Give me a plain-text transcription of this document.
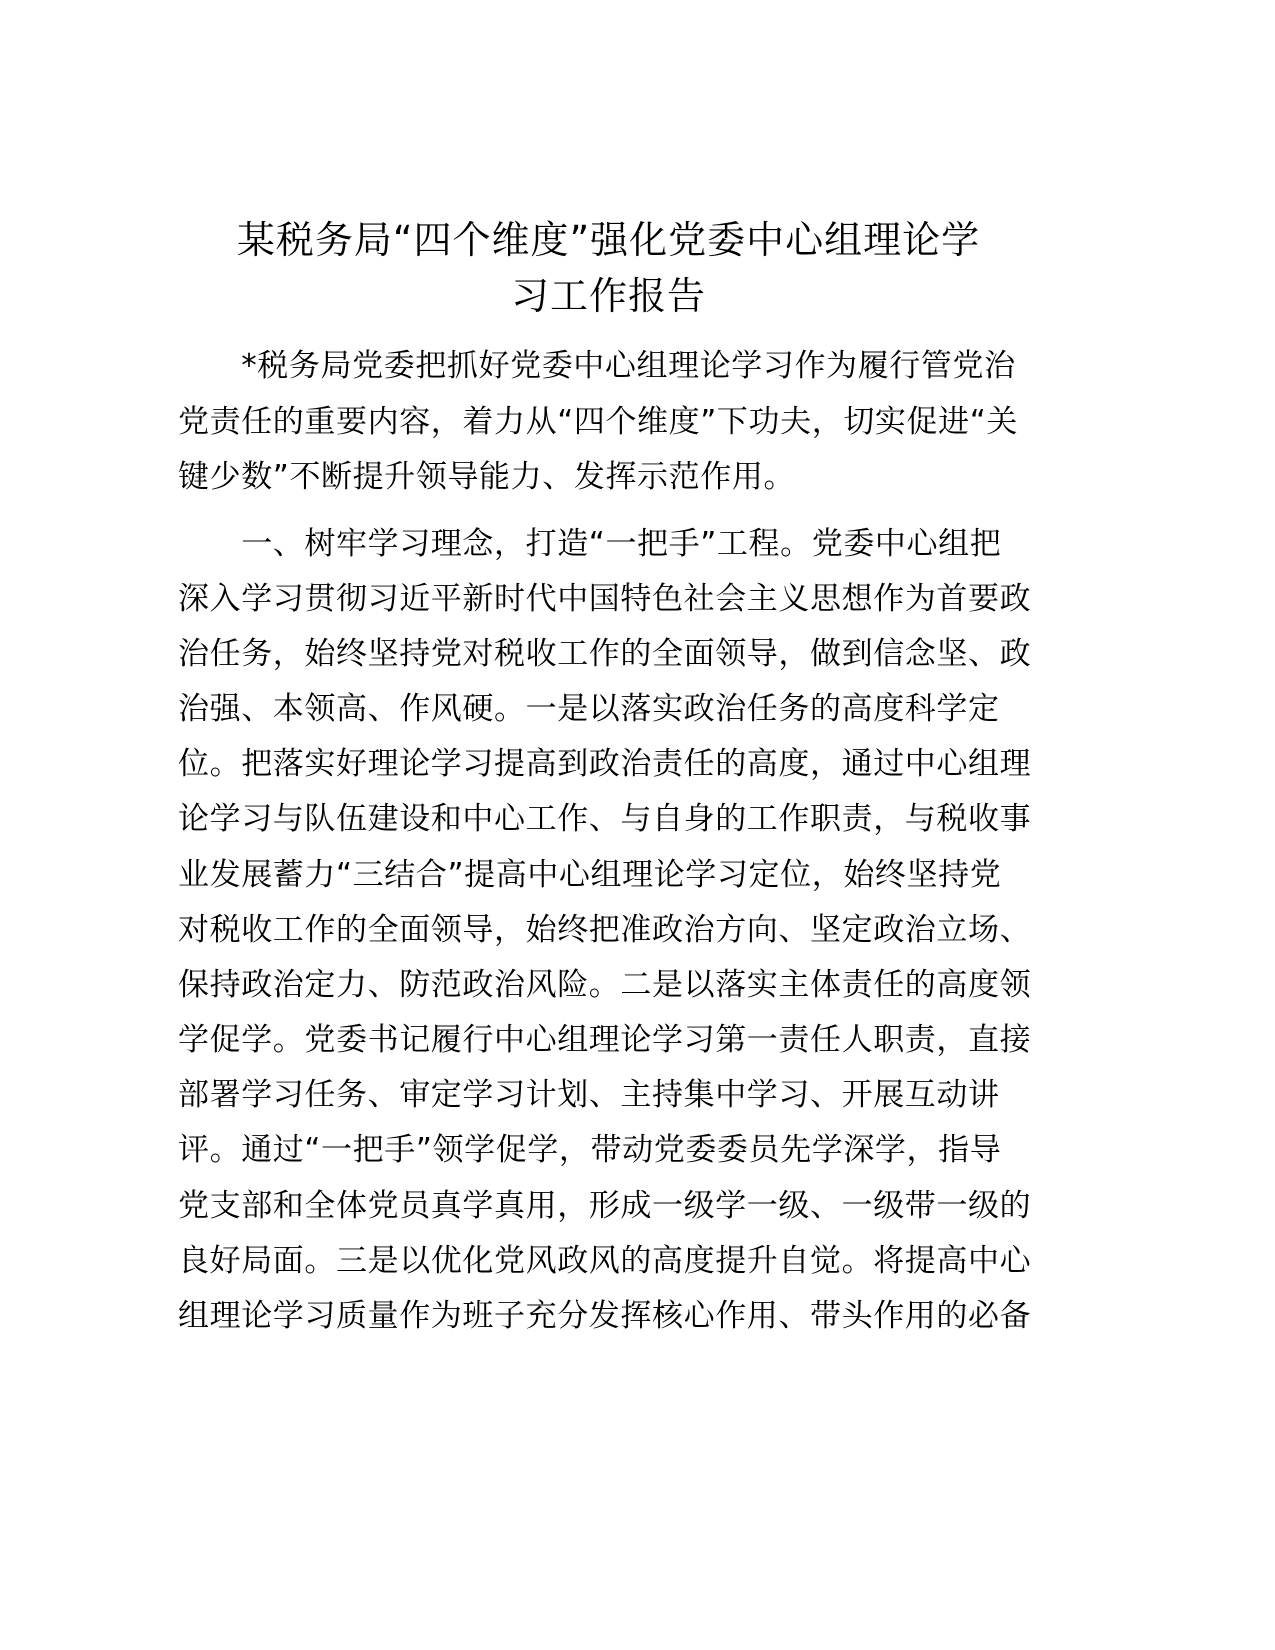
某税务局“四个维度”强化党委中心组理论学
习工作报告
　　*税务局党委把抓好党委中心组理论学习作为履行管党治
党责任的重要内容，着力从“四个维度”下功夫，切实促进“关
键少数”不断提升领导能力、发挥示范作用。
　　一、树牢学习理念，打造“一把手”工程。党委中心组把
深入学习贯彻习近平新时代中国特色社会主义思想作为首要政
治任务，始终坚持党对税收工作的全面领导，做到信念坚、政
治强、本领高、作风硬。一是以落实政治任务的高度科学定
位。把落实好理论学习提高到政治责任的高度，通过中心组理
论学习与队伍建设和中心工作、与自身的工作职责，与税收事
业发展蓄力“三结合”提高中心组理论学习定位，始终坚持党
对税收工作的全面领导，始终把准政治方向、坚定政治立场、
保持政治定力、防范政治风险。二是以落实主体责任的高度领
学促学。党委书记履行中心组理论学习第一责任人职责，直接
部署学习任务、审定学习计划、主持集中学习、开展互动讲
评。通过“一把手”领学促学，带动党委委员先学深学，指导
党支部和全体党员真学真用，形成一级学一级、一级带一级的
良好局面。三是以优化党风政风的高度提升自觉。将提高中心
组理论学习质量作为班子充分发挥核心作用、带头作用的必备
